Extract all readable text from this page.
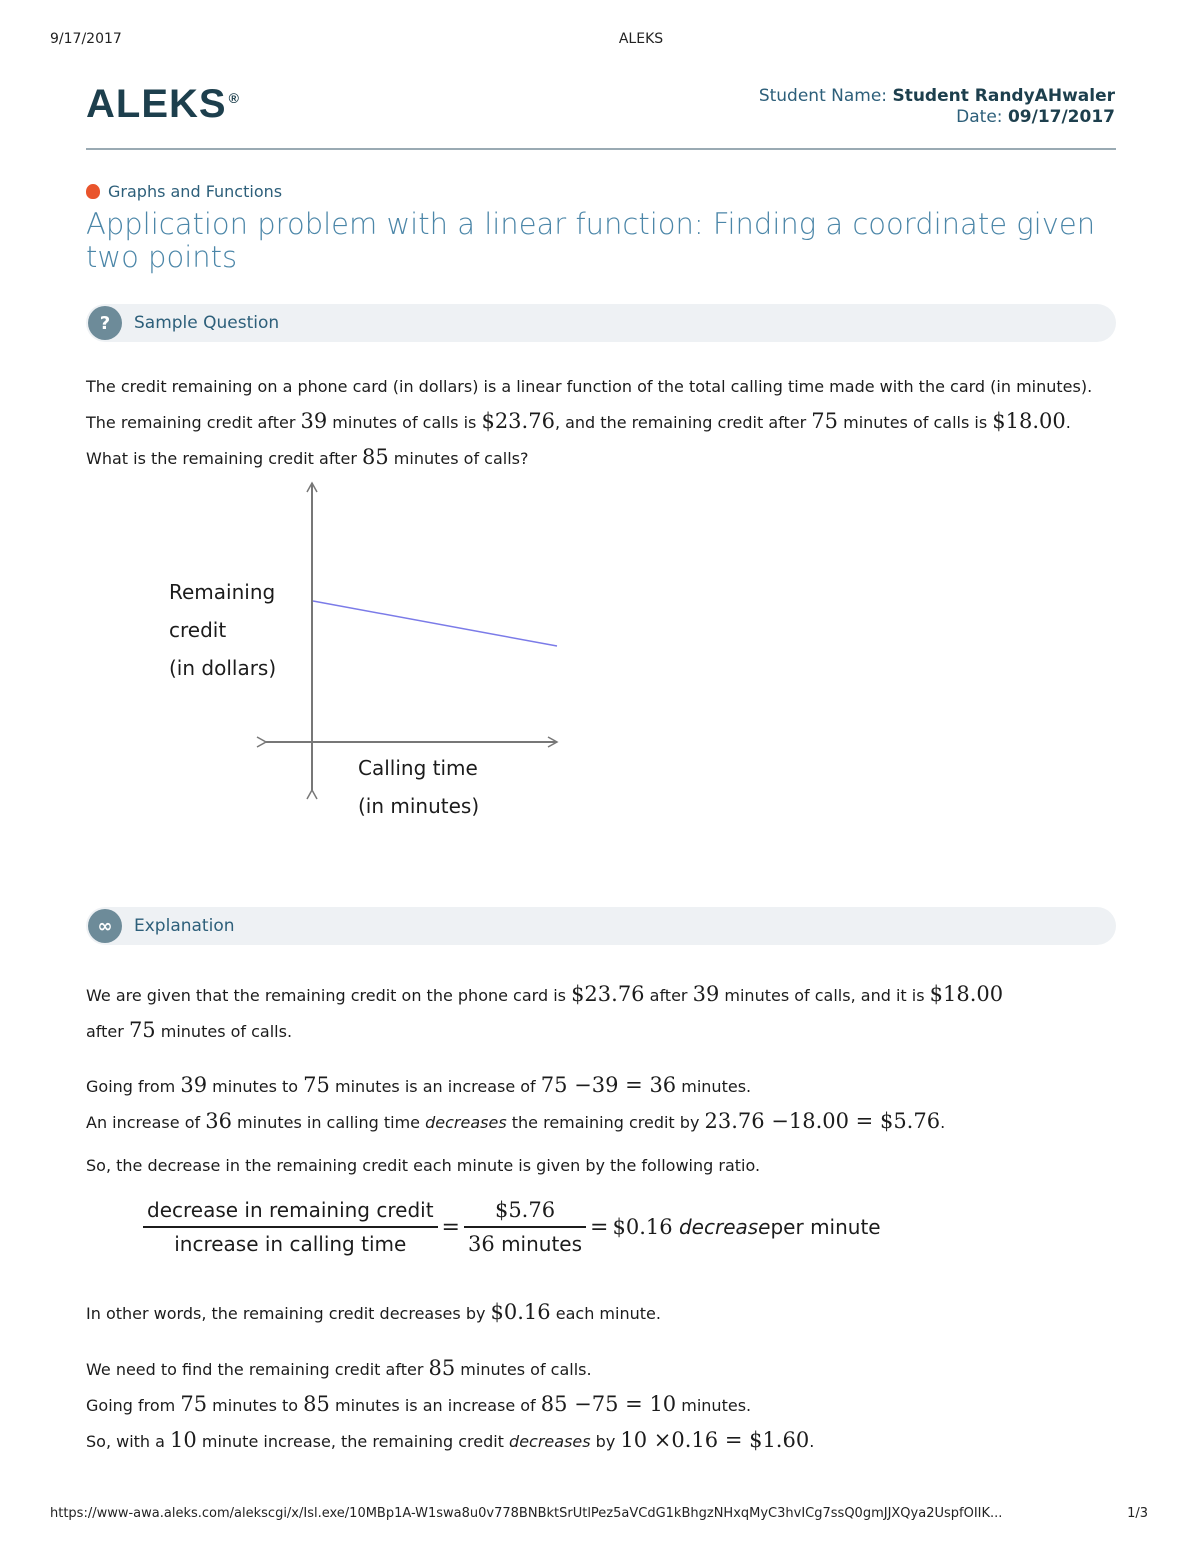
9/17/2017	ALEKS
ALEKS ®	Student Name: Student RandyAHwaler
Date: 09/17/2017
Graphs and Functions
Application problem with a linear function: Finding a coordinate given two points
?	Sample Question
The credit remaining on a phone card (in dollars) is a linear function of the total calling time made with the card (in minutes). The remaining credit after 39 minutes of calls is $23.76, and the remaining credit after 75 minutes of calls is $18.00. What is the remaining credit after 85 minutes of calls?
Remaining
credit
(in dollars)
Calling time
(in minutes)
∞	Explanation
We are given that the remaining credit on the phone card is $23.76 after 39 minutes of calls, and it is $18.00
after 75 minutes of calls.
Going from 39 minutes to 75 minutes is an increase of 75 −39 = 36 minutes.
An increase of 36 minutes in calling time decreases the remaining credit by 23.76 −18.00 = $5.76.
So, the decrease in the remaining credit each minute is given by the following ratio.
$\frac{\text{decrease in remaining credit}}{\text{increase in calling time}} = \frac{\$5.76}{\text{36 minutes}}$ = $0.16
decrease per minute
In other words, the remaining credit decreases by $0.16 each minute.
We need to find the remaining credit after 85 minutes of calls.
Going from 75 minutes to 85 minutes is an increase of 85 −75 = 10 minutes.
So, with a 10 minute increase, the remaining credit decreases by 10 ×0.16 = $1.60.
https://www-awa.aleks.com/alekscgi/x/Isl.exe/10MBp1A-W1swa8u0v778BNBktSrUtlPez5aVCdG1kBhgzNHxqMyC3hvICg7ssQ0gmJJXQya2UspfOIIK...	1/3
